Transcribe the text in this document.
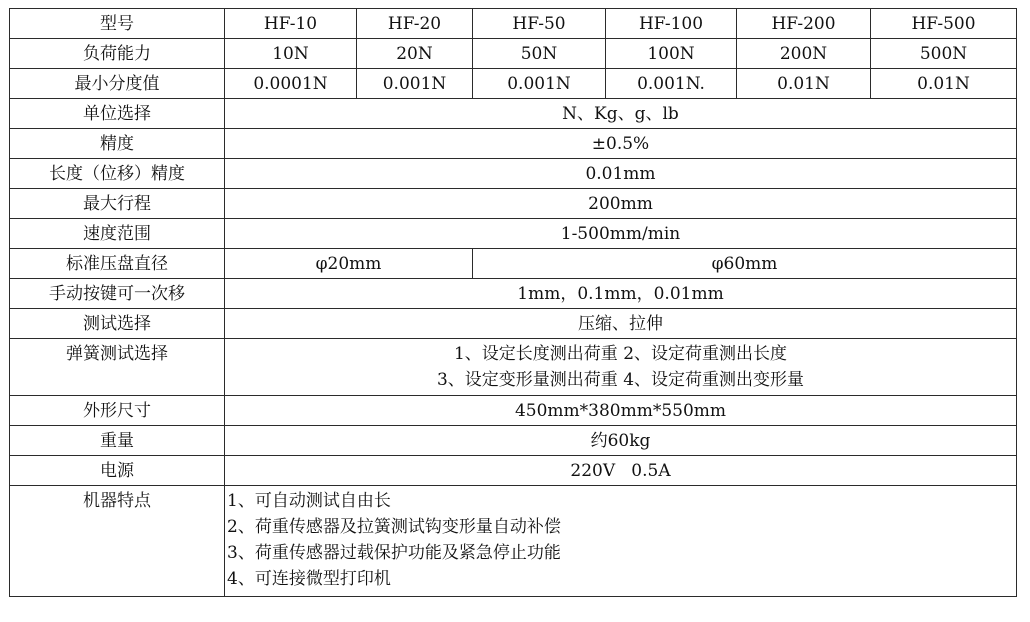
型号	HF-10	HF-20	HF-50	HF-100	HF-200	HF-500
负荷能力	10N	20N	50N	100N	200N	500N
最小分度值	0.0001N	0.001N	0.001N	0.001N.	0.01N	0.01N
单位选择	N、Kg、g、lb					
精度	±0.5%					
长度（位移）精度	0.01mm					
最大行程	200mm					
速度范围	1-500mm/min					
标准压盘直径	φ20mm		φ60mm			
手动按键可一次移	1mm，0.1mm，0.01mm					
测试选择	压缩、拉伸					
弹簧测试选择	1、设定长度测出荷重 2、设定荷重测出长度
3、设定变形量测出荷重 4、设定荷重测出变形量					

外形尺寸	450mm*380mm*550mm					
重量	约60kg					
电源	220V   0.5A					
机器特点	1、可自动测试自由长
2、荷重传感器及拉簧测试钩变形量自动补偿
3、荷重传感器过载保护功能及紧急停止功能
4、可连接微型打印机					
